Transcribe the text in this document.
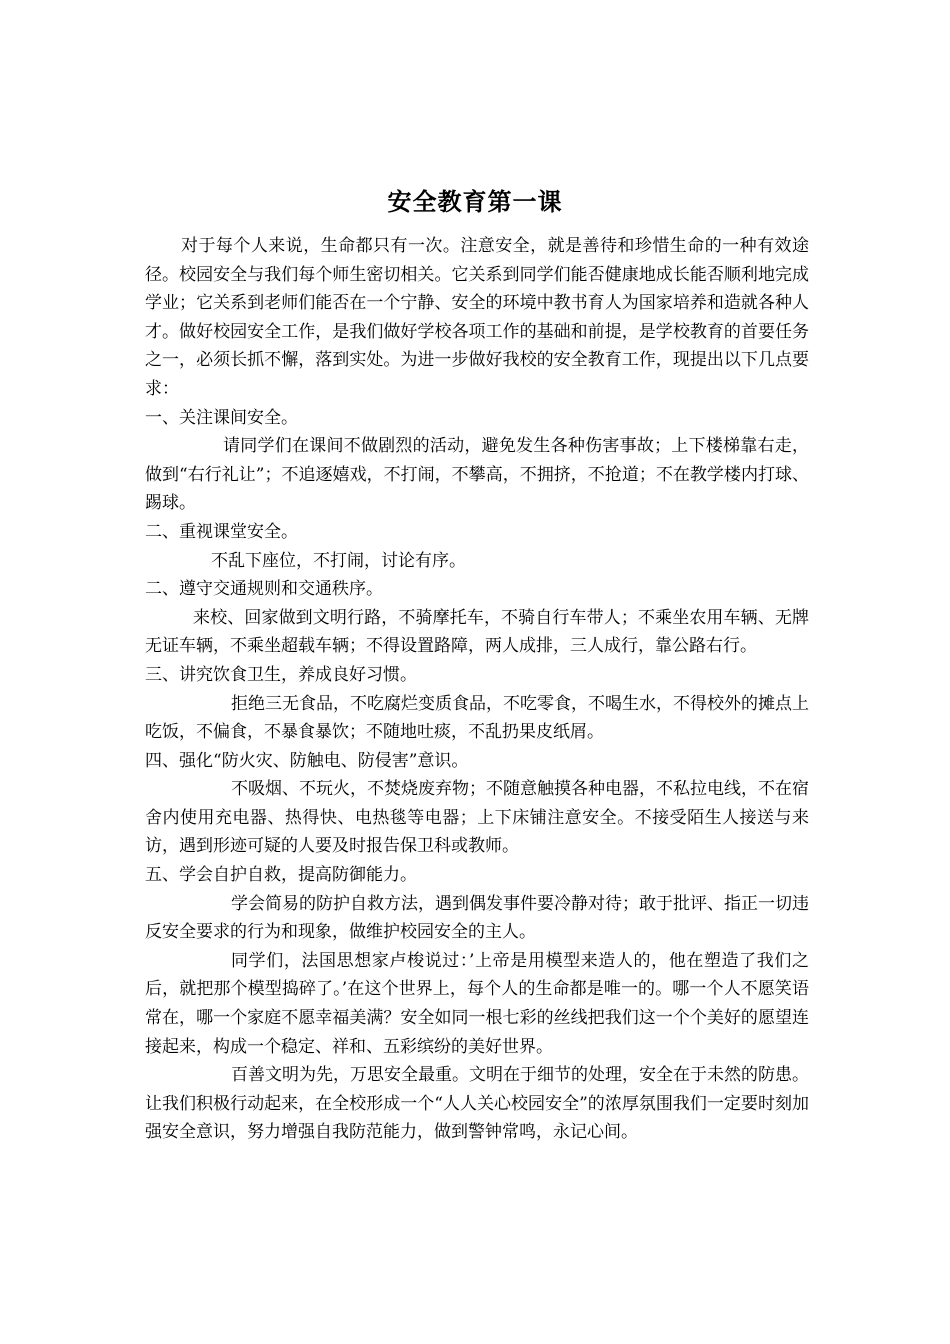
安全教育第一课

对于每个人来说，生命都只有一次。注意安全，就是善待和珍惜生命的一种有效途径。校园安全与我们每个师生密切相关。它关系到同学们能否健康地成长能否顺利地完成学业；它关系到老师们能否在一个宁静、安全的环境中教书育人为国家培养和造就各种人才。做好校园安全工作，是我们做好学校各项工作的基础和前提，是学校教育的首要任务之一，必须长抓不懈，落到实处。为进一步做好我校的安全教育工作，现提出以下几点要求：

一、关注课间安全。

请同学们在课间不做剧烈的活动，避免发生各种伤害事故；上下楼梯靠右走，做到“右行礼让”；不追逐嬉戏，不打闹，不攀高，不拥挤，不抢道；不在教学楼内打球、踢球。

二、重视课堂安全。

不乱下座位，不打闹，讨论有序。

二、遵守交通规则和交通秩序。

来校、回家做到文明行路，不骑摩托车，不骑自行车带人；不乘坐农用车辆、无牌无证车辆，不乘坐超载车辆；不得设置路障，两人成排，三人成行，靠公路右行。

三、讲究饮食卫生，养成良好习惯。

拒绝三无食品，不吃腐烂变质食品，不吃零食，不喝生水，不得校外的摊点上吃饭，不偏食，不暴食暴饮；不随地吐痰，不乱扔果皮纸屑。

四、强化“防火灾、防触电、防侵害”意识。

不吸烟、不玩火，不焚烧废弃物；不随意触摸各种电器，不私拉电线，不在宿舍内使用充电器、热得快、电热毯等电器；上下床铺注意安全。不接受陌生人接送与来访，遇到形迹可疑的人要及时报告保卫科或教师。

五、学会自护自救，提高防御能力。

学会简易的防护自救方法，遇到偶发事件要冷静对待；敢于批评、指正一切违反安全要求的行为和现象，做维护校园安全的主人。

同学们，法国思想家卢梭说过：’上帝是用模型来造人的，他在塑造了我们之后，就把那个模型捣碎了。’在这个世界上，每个人的生命都是唯一的。哪一个人不愿笑语常在，哪一个家庭不愿幸福美满？安全如同一根七彩的丝线把我们这一个个美好的愿望连接起来，构成一个稳定、祥和、五彩缤纷的美好世界。

百善文明为先，万思安全最重。文明在于细节的处理，安全在于未然的防患。让我们积极行动起来，在全校形成一个“人人关心校园安全”的浓厚氛围我们一定要时刻加强安全意识，努力增强自我防范能力，做到警钟常鸣，永记心间。
